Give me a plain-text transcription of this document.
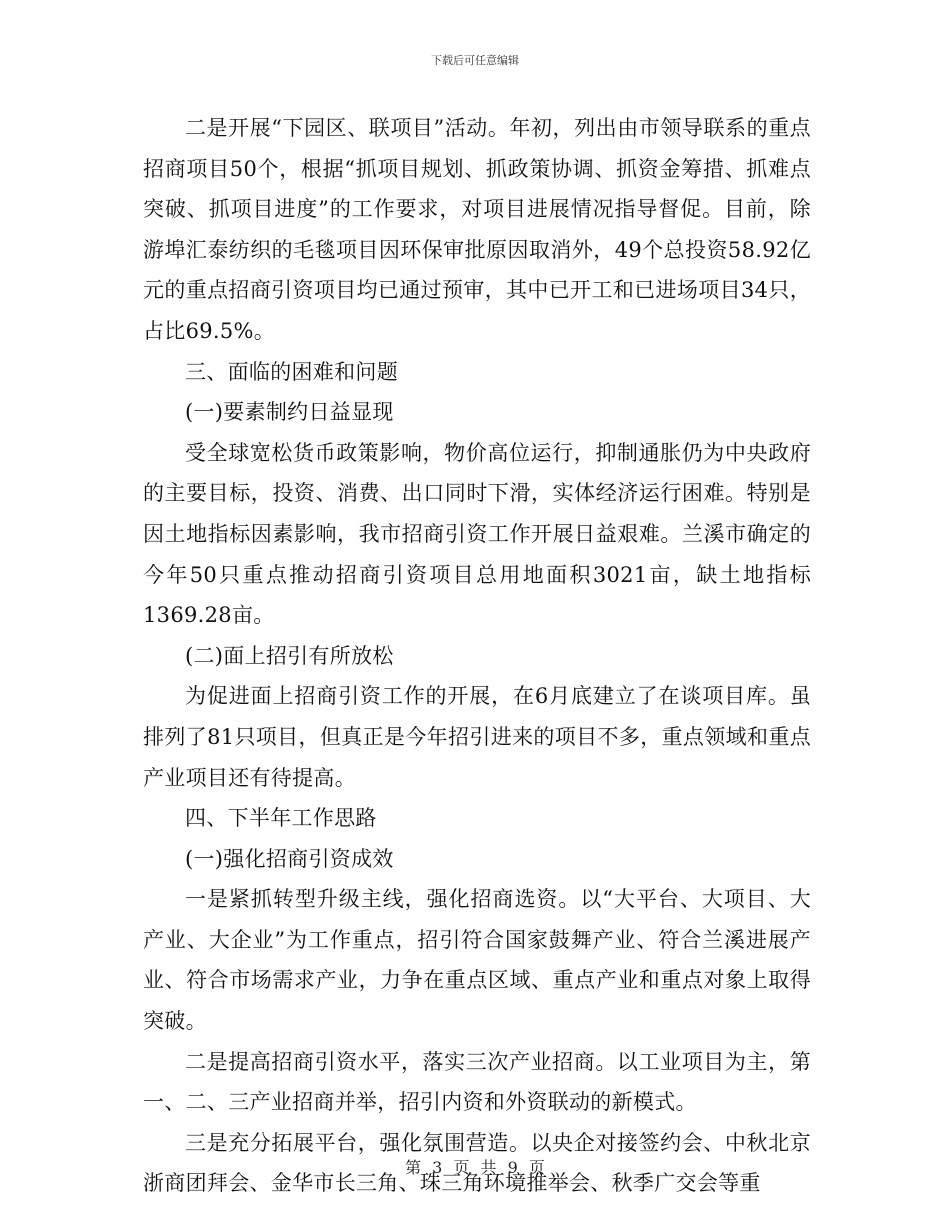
下载后可任意编辑

二是开展“下园区、联项目”活动。年初，列出由市领导联系的重点招商项目50个，根据“抓项目规划、抓政策协调、抓资金筹措、抓难点突破、抓项目进度”的工作要求，对项目进展情况指导督促。目前，除游埠汇泰纺织的毛毯项目因环保审批原因取消外，49个总投资58.92亿元的重点招商引资项目均已通过预审，其中已开工和已进场项目34只，占比69.5%。

三、面临的困难和问题

(一)要素制约日益显现

受全球宽松货币政策影响，物价高位运行，抑制通胀仍为中央政府的主要目标，投资、消费、出口同时下滑，实体经济运行困难。特别是因土地指标因素影响，我市招商引资工作开展日益艰难。兰溪市确定的今年50只重点推动招商引资项目总用地面积3021亩，缺土地指标1369.28亩。

(二)面上招引有所放松

为促进面上招商引资工作的开展，在6月底建立了在谈项目库。虽排列了81只项目，但真正是今年招引进来的项目不多，重点领域和重点产业项目还有待提高。

四、下半年工作思路

(一)强化招商引资成效

一是紧抓转型升级主线，强化招商选资。以“大平台、大项目、大产业、大企业”为工作重点，招引符合国家鼓舞产业、符合兰溪进展产业、符合市场需求产业，力争在重点区域、重点产业和重点对象上取得突破。

二是提高招商引资水平，落实三次产业招商。以工业项目为主，第一、二、三产业招商并举，招引内资和外资联动的新模式。

三是充分拓展平台，强化氛围营造。以央企对接签约会、中秋北京浙商团拜会、金华市长三角、珠三角环境推举会、秋季广交会等重

第 3 页 共 9 页
